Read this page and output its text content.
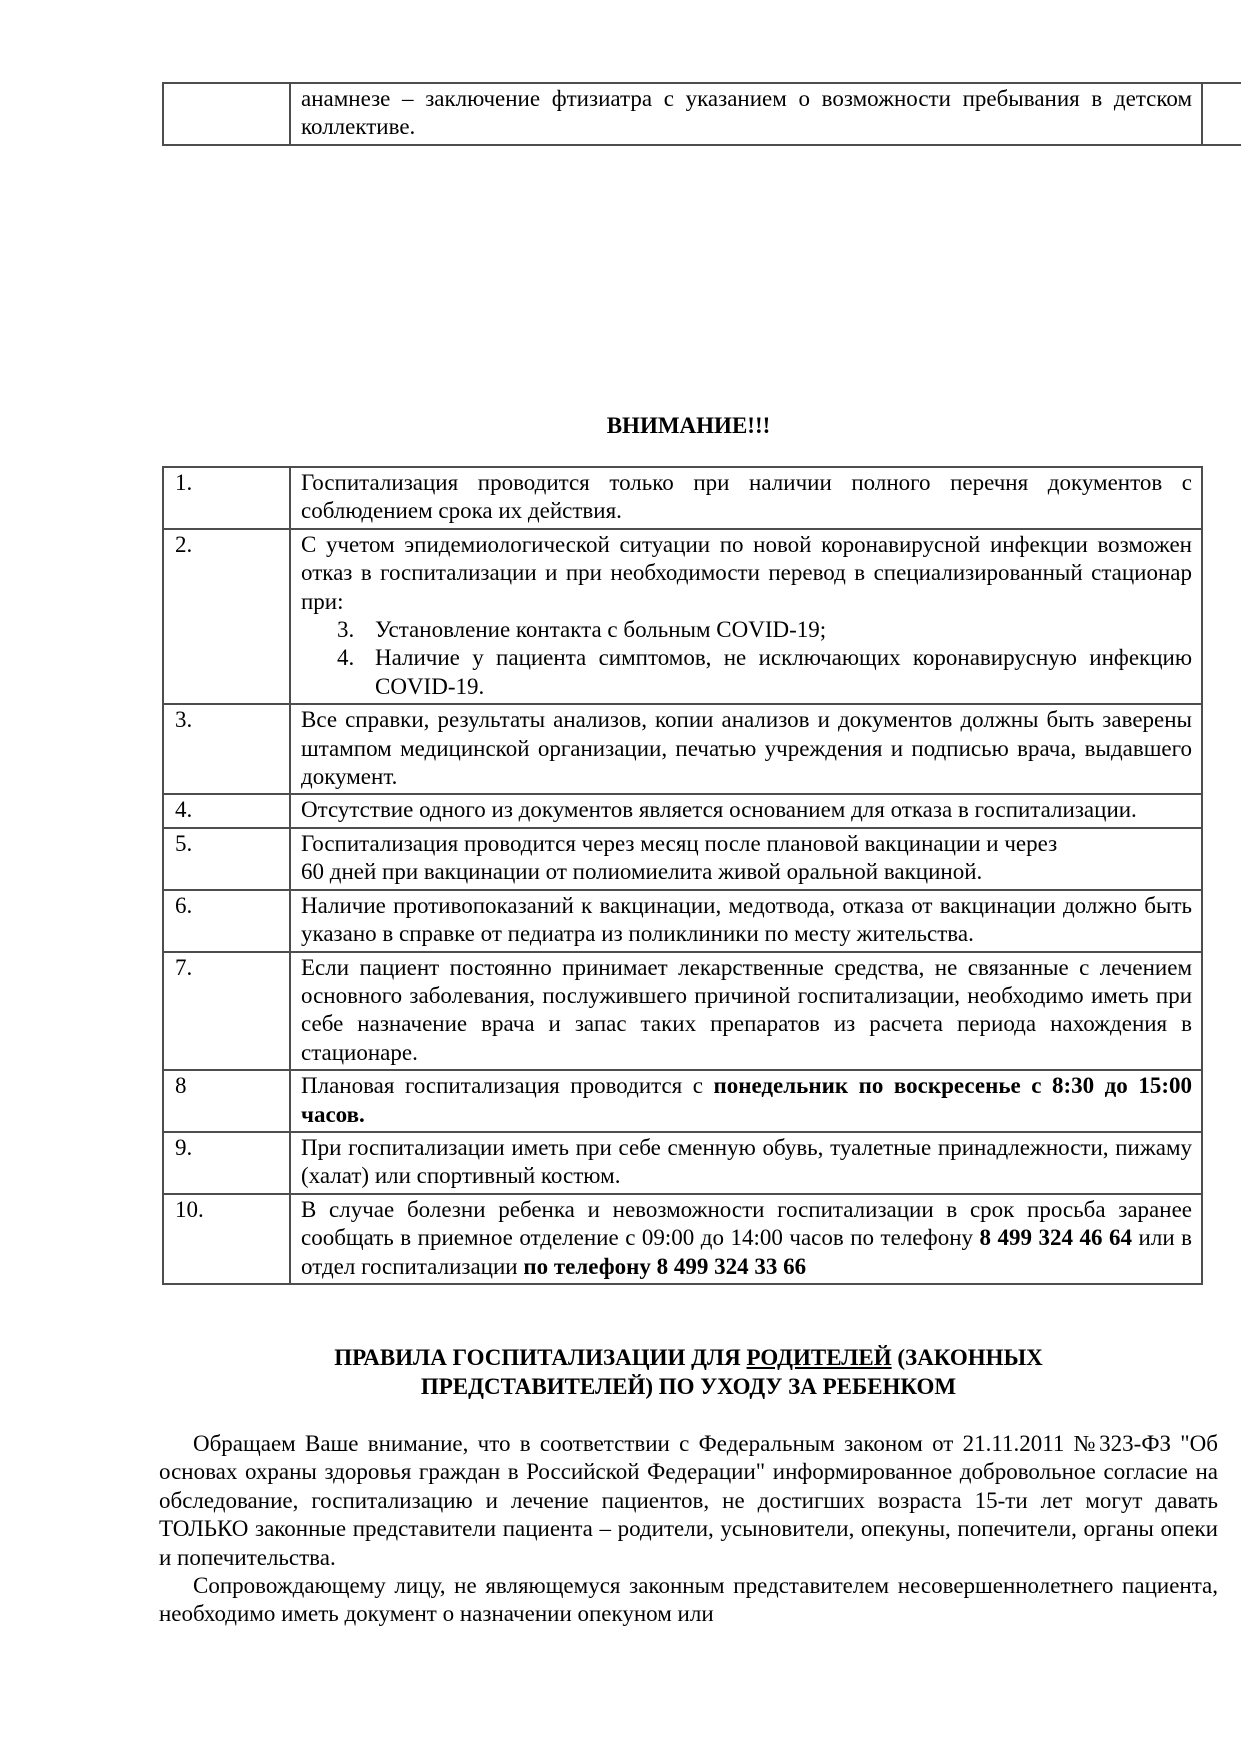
	анамнезе – заключение фтизиатра с указанием о возможности пребывания в детском коллективе.	
ВНИМАНИЕ!!!
1.	Госпитализация проводится только при наличии полного перечня документов с соблюдением срока их действия.
2.	С учетом эпидемиологической ситуации по новой коронавирусной инфекции возможен отказ в госпитализации и при необходимости перевод в специализированный стационар при:
3. Установление контакта с больным COVID-19;
4. Наличие у пациента симптомов, не исключающих коронавирусную инфекцию COVID-19.

3.	Все справки, результаты анализов, копии анализов и документов должны быть заверены штампом медицинской организации, печатью учреждения и подписью врача, выдавшего документ.
4.	Отсутствие одного из документов является основанием для отказа в госпитализации.
5.	Госпитализация проводится через месяц после плановой вакцинации и через
60 дней при вакцинации от полиомиелита живой оральной вакциной.

6.	Наличие противопоказаний к вакцинации, медотвода, отказа от вакцинации должно быть указано в справке от педиатра из поликлиники по месту жительства.
7.	Если пациент постоянно принимает лекарственные средства, не связанные с лечением основного заболевания, послужившего причиной госпитализации, необходимо иметь при себе назначение врача и запас таких препаратов из расчета периода нахождения в стационаре.
8	Плановая госпитализация проводится с понедельник по воскресенье с 8:30 до 15:00 часов.
9.	При госпитализации иметь при себе сменную обувь, туалетные принадлежности, пижаму (халат) или спортивный костюм.
10.	В случае болезни ребенка и невозможности госпитализации в срок просьба заранее сообщать в приемное отделение с 09:00 до 14:00 часов по телефону 8 499 324 46 64 или в отдел госпитализации по телефону 8 499 324 33 66
ПРАВИЛА ГОСПИТАЛИЗАЦИИ ДЛЯ РОДИТЕЛЕЙ (ЗАКОННЫХ
ПРЕДСТАВИТЕЛЕЙ) ПО УХОДУ ЗА РЕБЕНКОМ

Обращаем Ваше внимание, что в соответствии с Федеральным законом от 21.11.2011 №323-ФЗ "Об основах охраны здоровья граждан в Российской Федерации" информированное добровольное согласие на обследование, госпитализацию и лечение пациентов, не достигших возраста 15-ти лет могут давать ТОЛЬКО законные представители пациента – родители, усыновители, опекуны, попечители, органы опеки и попечительства.

Сопровождающему лицу, не являющемуся законным представителем несовершеннолетнего пациента, необходимо иметь документ о назначении опекуном или
